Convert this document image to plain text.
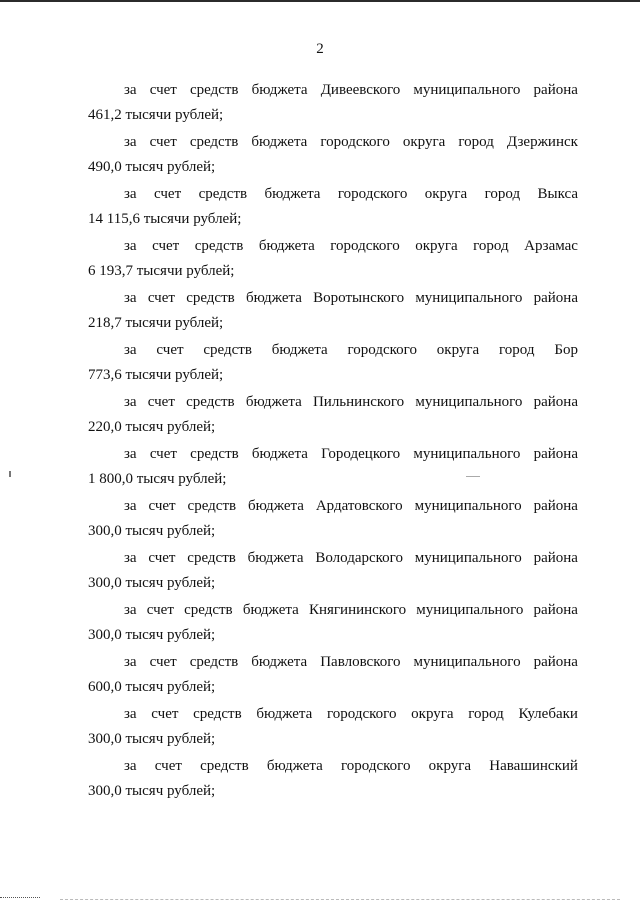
2
за счет средств бюджета Дивеевского муниципального района
461,2 тысячи рублей;
за счет средств бюджета городского округа город Дзержинск
490,0 тысяч рублей;
за счет средств бюджета городского округа город Выкса
14 115,6 тысячи рублей;
за счет средств бюджета городского округа город Арзамас
6 193,7 тысячи рублей;
за счет средств бюджета Воротынского муниципального района
218,7 тысячи рублей;
за счет средств бюджета городского округа город Бор
773,6 тысячи рублей;
за счет средств бюджета Пильнинского муниципального района
220,0 тысяч рублей;
за счет средств бюджета Городецкого муниципального района
1 800,0 тысяч рублей;
за счет средств бюджета Ардатовского муниципального района
300,0 тысяч рублей;
за счет средств бюджета Володарского муниципального района
300,0 тысяч рублей;
за счет средств бюджета Княгининского муниципального района
300,0 тысяч рублей;
за счет средств бюджета Павловского муниципального района
600,0 тысяч рублей;
за счет средств бюджета городского округа город Кулебаки
300,0 тысяч рублей;
за счет средств бюджета городского округа Навашинский
300,0 тысяч рублей;
